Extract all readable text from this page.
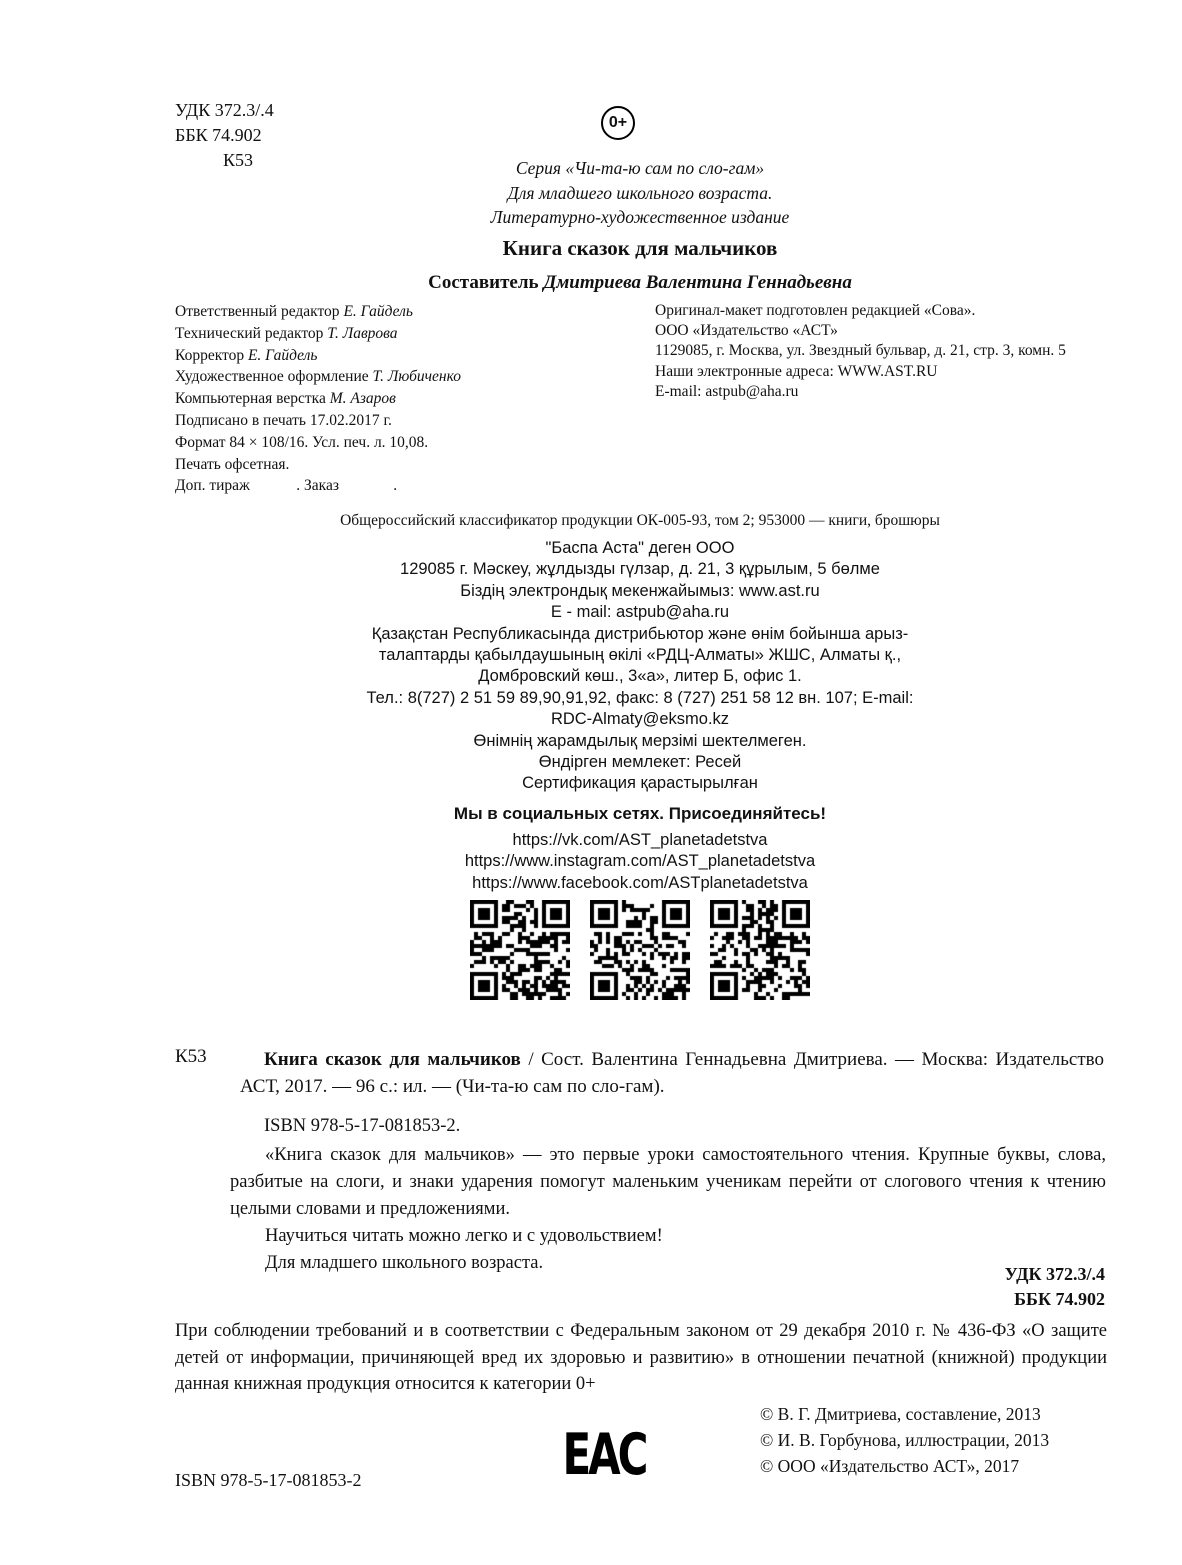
УДК 372.3/.4
ББК 74.902
К53
0+
Серия «Чи-та-ю сам по сло-гам»
Для младшего школьного возраста.
Литературно-художественное издание
Книга сказок для мальчиков
Составитель Дмитриева Валентина Геннадьевна
Ответственный редактор Е. Гайдель
Технический редактор Т. Лаврова
Корректор Е. Гайдель
Художественное оформление Т. Любиченко
Компьютерная верстка М. Азаров
Оригинал-макет подготовлен редакцией «Сова».
ООО «Издательство «АСТ»
1129085, г. Москва, ул. Звездный бульвар, д. 21, стр. 3, комн. 5
Наши электронные адреса: WWW.AST.RU
E-mail: astpub@aha.ru
Подписано в печать 17.02.2017 г.
Формат 84 × 108/16. Усл. печ. л. 10,08.
Печать офсетная.
Доп. тираж            . Заказ              .
Общероссийский классификатор продукции ОК-005-93, том 2; 953000 — книги, брошюры
"Баспа Аста" деген ООО
129085 г. Мәскеу, жұлдызды гүлзар, д. 21, 3 құрылым, 5 бөлме
Біздің электрондық мекенжайымыз: www.ast.ru
E - mail: astpub@aha.ru
Қазақстан Республикасында дистрибьютор және өнім бойынша арыз-
талаптарды қабылдаушының өкілі «РДЦ-Алматы» ЖШС, Алматы қ.,
Домбровский көш., 3«а», литер Б, офис 1.
Тел.: 8(727) 2 51 59 89,90,91,92, факс: 8 (727) 251 58 12 вн. 107; E-mail:
RDC-Almaty@eksmo.kz
Өнімнің жарамдылық мерзімі шектелмеген.
Өндірген мемлекет: Ресей
Сертификация қарастырылған
Мы в социальных сетях. Присоединяйтесь!
https://vk.com/AST_planetadetstva
https://www.instagram.com/AST_planetadetstva
https://www.facebook.com/ASTplanetadetstva
К53	Книга сказок для мальчиков / Сост. Валентина Геннадьевна Дмитриева. — Москва: Издательство АСТ, 2017. — 96 с.: ил. — (Чи-та-ю сам по сло-гам).

ISBN 978-5-17-081853-2.

«Книга сказок для мальчиков» — это первые уроки самостоятельного чтения. Крупные буквы, слова, разбитые на слоги, и знаки ударения помогут маленьким ученикам перейти от слогового чтения к чтению целыми словами и предложениями.

Научиться читать можно легко и с удовольствием!

Для младшего школьного возраста.

УДК 372.3/.4
ББК 74.902
При соблюдении требований и в соответствии с Федеральным законом от 29 декабря 2010 г. № 436-ФЗ «О защите детей от информации, причиняющей вред их здоровью и развитию» в отношении печатной (книжной) продукции данная книжная продукция относится к категории 0+
ISBN 978-5-17-081853-2	ЕАС
© В. Г. Дмитриева, составление, 2013
© И. В. Горбунова, иллюстрации, 2013
© ООО «Издательство АСТ», 2017
